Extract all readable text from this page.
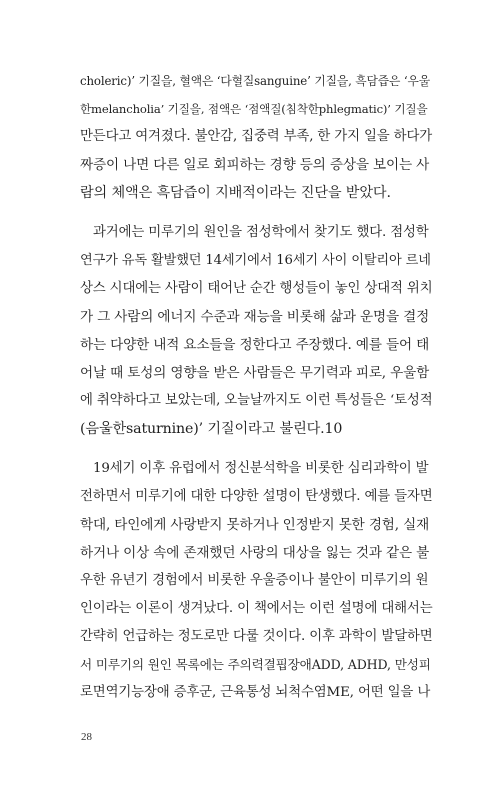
choleric)’ 기질을, 혈액은 ‘다혈질sanguine’ 기질을, 흑담즙은 ‘우울
한melancholia’ 기질을, 점액은 ‘점액질(침착한phlegmatic)’ 기질을
만든다고 여겨졌다. 불안감, 집중력 부족, 한 가지 일을 하다가
짜증이 나면 다른 일로 회피하는 경향 등의 증상을 보이는 사
람의 체액은 흑담즙이 지배적이라는 진단을 받았다.

과거에는 미루기의 원인을 점성학에서 찾기도 했다. 점성학
연구가 유독 활발했던 14세기에서 16세기 사이 이탈리아 르네
상스 시대에는 사람이 태어난 순간 행성들이 놓인 상대적 위치
가 그 사람의 에너지 수준과 재능을 비롯해 삶과 운명을 결정
하는 다양한 내적 요소들을 정한다고 주장했다. 예를 들어 태
어날 때 토성의 영향을 받은 사람들은 무기력과 피로, 우울함
에 취약하다고 보았는데, 오늘날까지도 이런 특성들은 ‘토성적
(음울한saturnine)’ 기질이라고 불린다.10

19세기 이후 유럽에서 정신분석학을 비롯한 심리과학이 발
전하면서 미루기에 대한 다양한 설명이 탄생했다. 예를 들자면
학대, 타인에게 사랑받지 못하거나 인정받지 못한 경험, 실재
하거나 이상 속에 존재했던 사랑의 대상을 잃는 것과 같은 불
우한 유년기 경험에서 비롯한 우울증이나 불안이 미루기의 원
인이라는 이론이 생겨났다. 이 책에서는 이런 설명에 대해서는
간략히 언급하는 정도로만 다룰 것이다. 이후 과학이 발달하면
서 미루기의 원인 목록에는 주의력결핍장애ADD, ADHD, 만성피
로면역기능장애 증후군, 근육통성 뇌척수염ME, 어떤 일을 나

28
